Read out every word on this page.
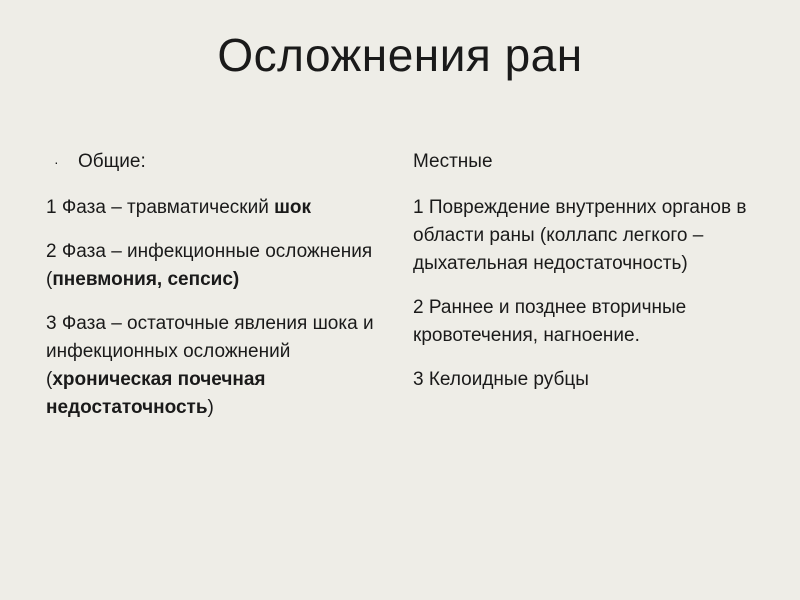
Осложнения ран
· Общие:

1 Фаза – травматический шок

2 Фаза – инфекционные осложнения (пневмония, сепсис)

3 Фаза – остаточные явления шока и инфекционных осложнений (хроническая почечная недостаточность)

Местные

1 Повреждение внутренних органов в области раны (коллапс легкого – дыхательная недостаточность)

2 Раннее и позднее вторичные кровотечения, нагноение.

3 Келоидные рубцы
